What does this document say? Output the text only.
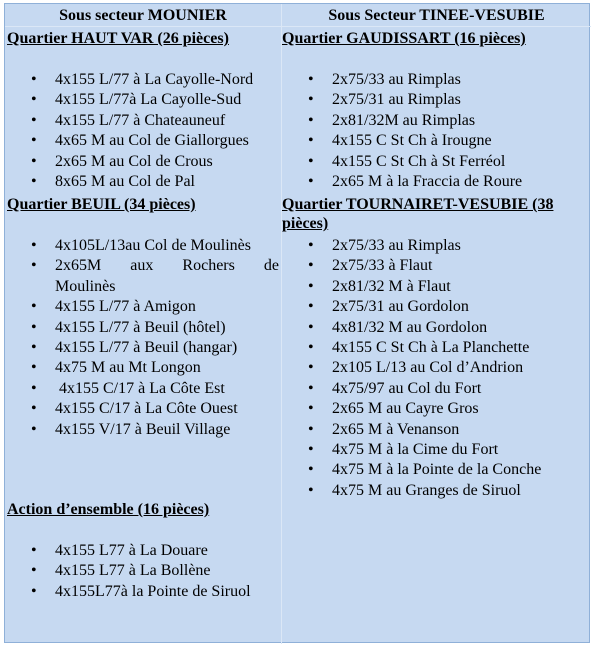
Sous secteur MOUNIER	Sous Secteur TINEE-VESUBIE
Quartier HAUT VAR (26 pièces)
• 4x155 L/77 à La Cayolle-Nord
• 4x155 L/77à La Cayolle-Sud
• 4x155 L/77 à Chateauneuf
• 4x65 M au Col de Giallorgues
• 2x65 M au Col de Crous
• 8x65 M au Col de Pal
Quartier GAUDISSART (16 pièces)
• 2x75/33 au Rimplas
• 2x75/31 au Rimplas
• 2x81/32M au Rimplas
• 4x155 C St Ch à Irougne
• 4x155 C St Ch à St Ferréol
• 2x65 M à la Fraccia de Roure
Quartier BEUIL (34 pièces)
• 4x105L/13au Col de Moulinès
• 2x65M aux Rochers de
Moulinès
• 4x155 L/77 à Amigon
• 4x155 L/77 à Beuil (hôtel)
• 4x155 L/77 à Beuil (hangar)
• 4x75 M au Mt Longon
• 4x155 C/17 à La Côte Est
• 4x155 C/17 à La Côte Ouest
• 4x155 V/17 à Beuil Village
Quartier TOURNAIRET-VESUBIE (38
pièces)
• 2x75/33 au Rimplas
• 2x75/33 à Flaut
• 2x81/32 M à Flaut
• 2x75/31 au Gordolon
• 4x81/32 M au Gordolon
• 4x155 C St Ch à La Planchette
• 2x105 L/13 au Col d’Andrion
• 4x75/97 au Col du Fort
• 2x65 M au Cayre Gros
• 2x65 M à Venanson
• 4x75 M à la Cime du Fort
• 4x75 M à la Pointe de la Conche
• 4x75 M au Granges de Siruol
Action d’ensemble (16 pièces)
• 4x155 L77 à La Douare
• 4x155 L77 à La Bollène
• 4x155L77à la Pointe de Siruol
